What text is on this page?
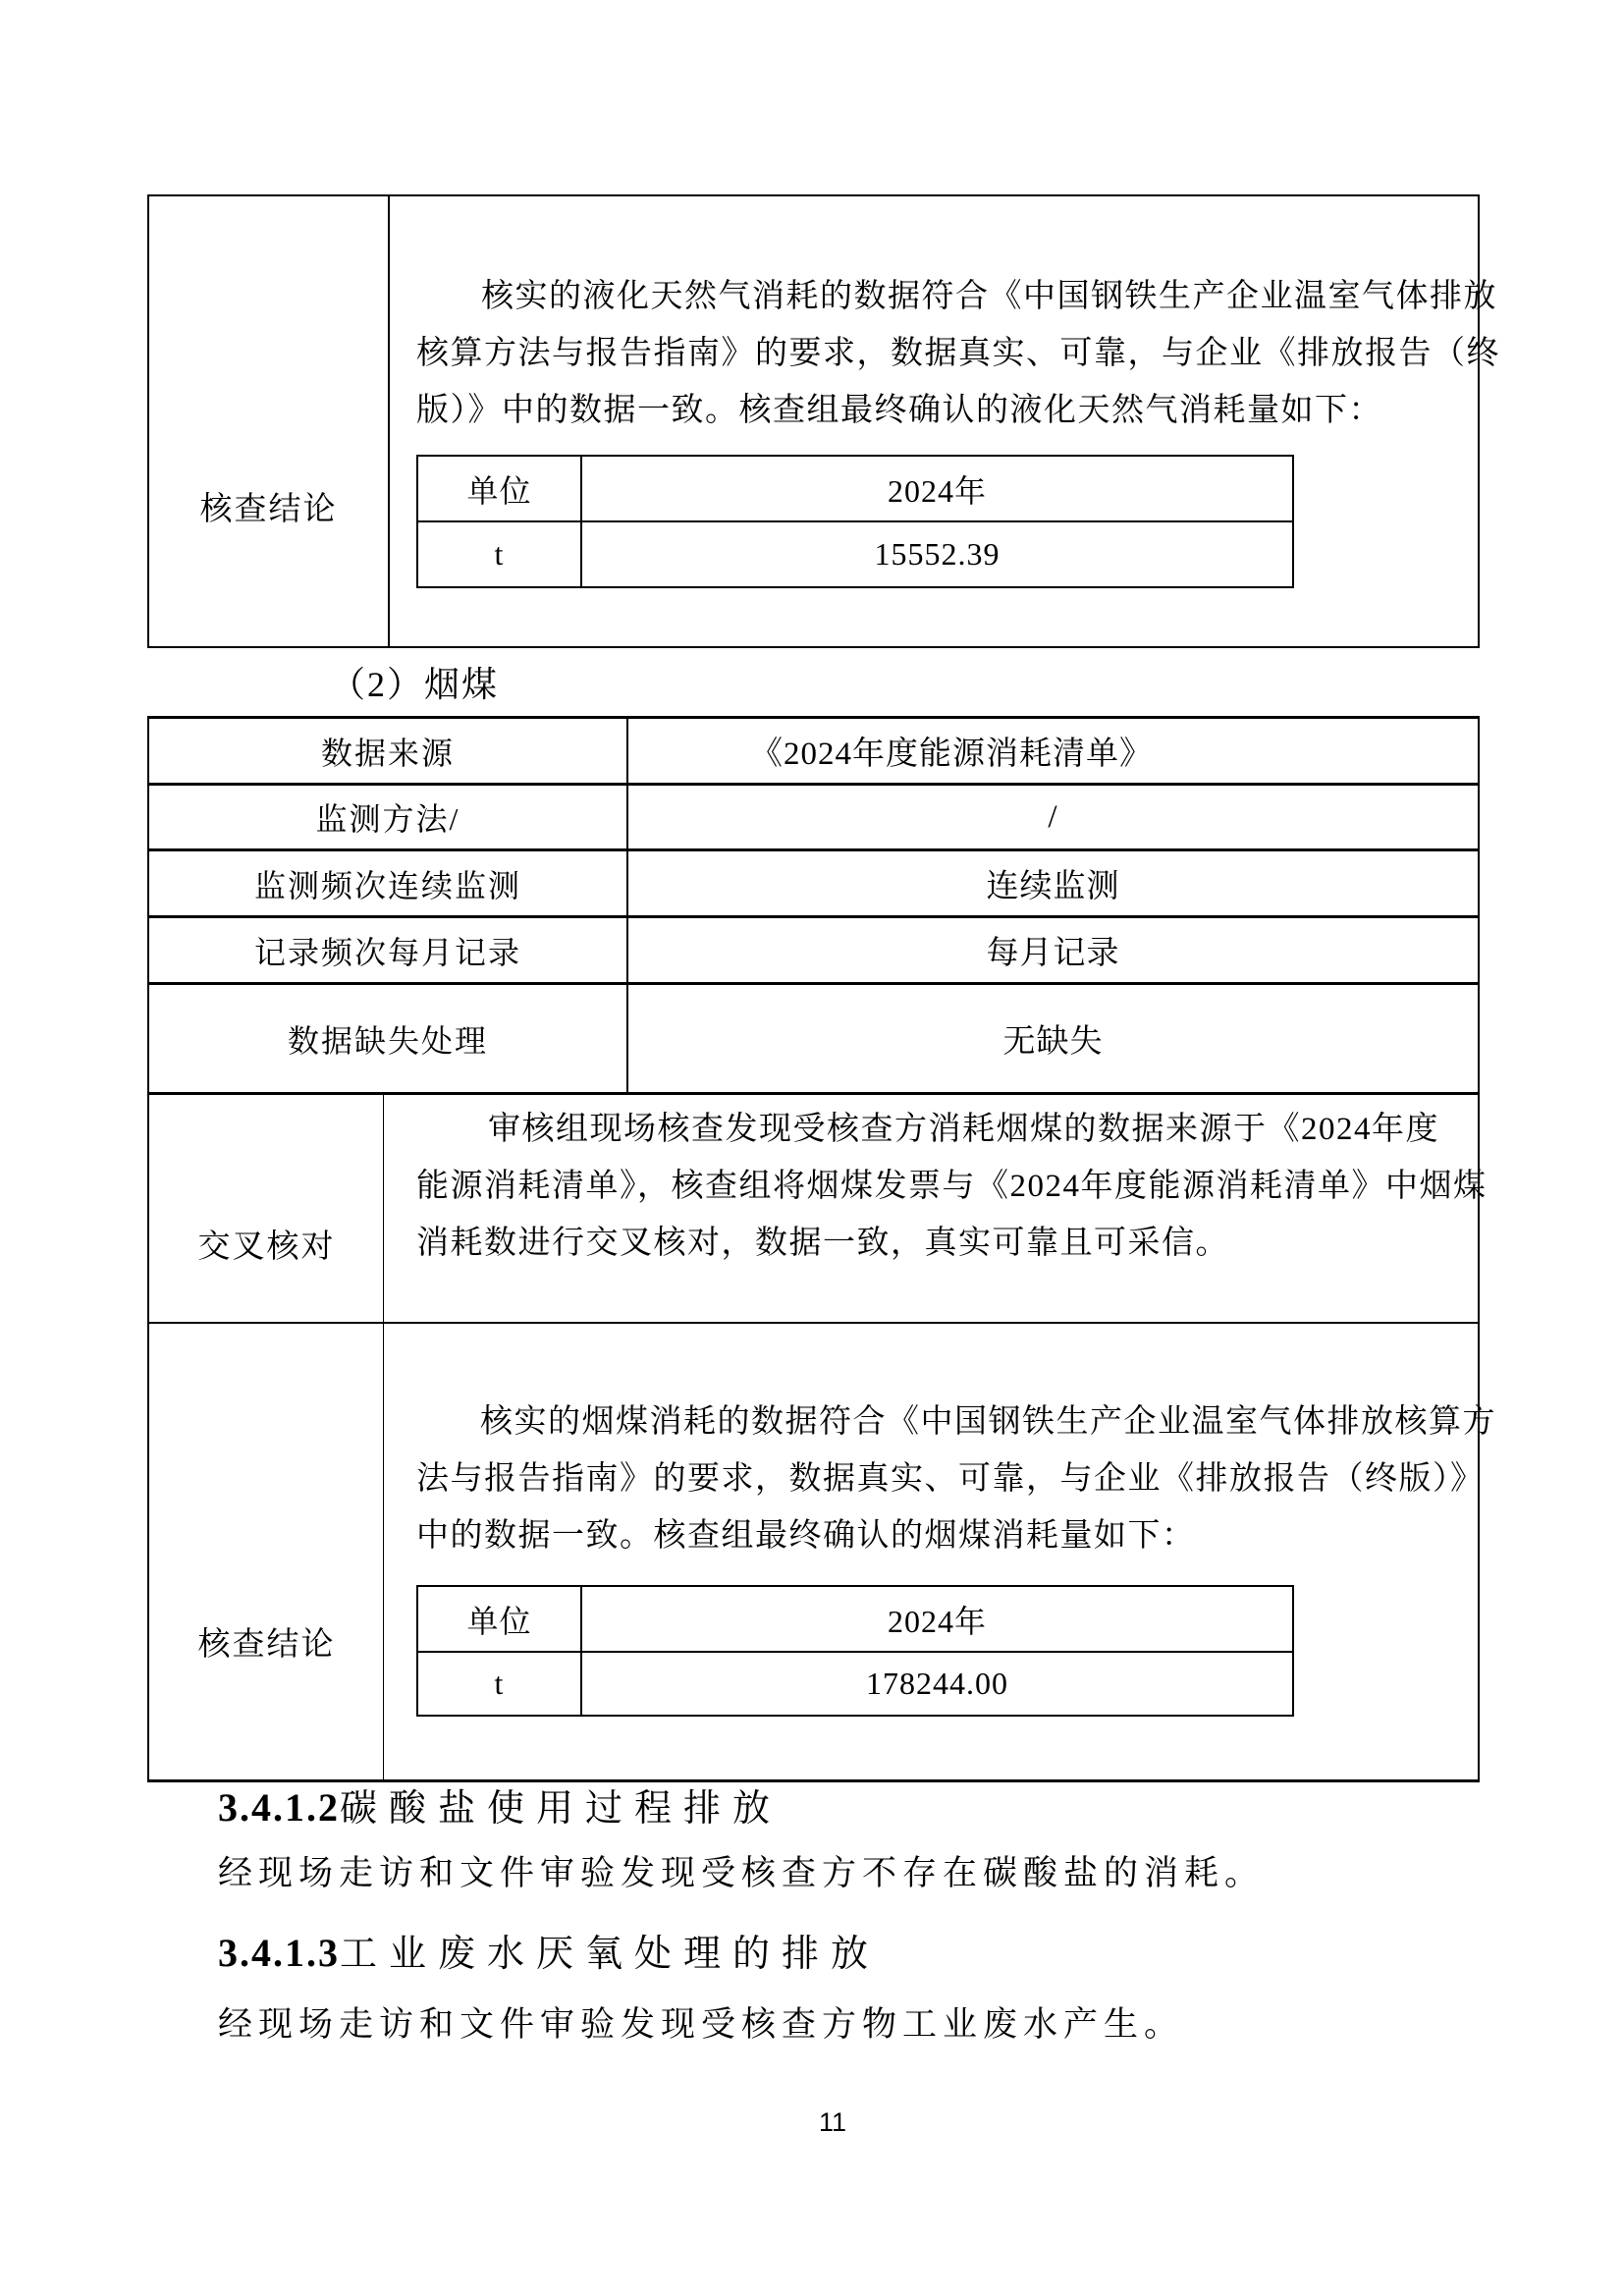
核查结论
核实的液化天然气消耗的数据符合《中国钢铁生产企业温室气体排放
核算方法与报告指南》的要求，数据真实、可靠，与企业《排放报告（终
版）》中的数据一致。核查组最终确认的液化天然气消耗量如下：
单位	2024年
t	15552.39
（2）烟煤
数据来源	《2024年度能源消耗清单》
监测方法/	/
监测频次连续监测	连续监测
记录频次每月记录	每月记录
数据缺失处理	无缺失
交叉核对
审核组现场核查发现受核查方消耗烟煤的数据来源于《2024年度
能源消耗清单》，核查组将烟煤发票与《2024年度能源消耗清单》中烟煤
消耗数进行交叉核对，数据一致，真实可靠且可采信。
核查结论
核实的烟煤消耗的数据符合《中国钢铁生产企业温室气体排放核算方
法与报告指南》的要求，数据真实、可靠，与企业《排放报告（终版）》
中的数据一致。核查组最终确认的烟煤消耗量如下：
单位	2024年
t	178244.00
3.4.1.2碳酸盐使用过程排放
经现场走访和文件审验发现受核查方不存在碳酸盐的消耗。
3.4.1.3工业废水厌氧处理的排放
经现场走访和文件审验发现受核查方物工业废水产生。
11
